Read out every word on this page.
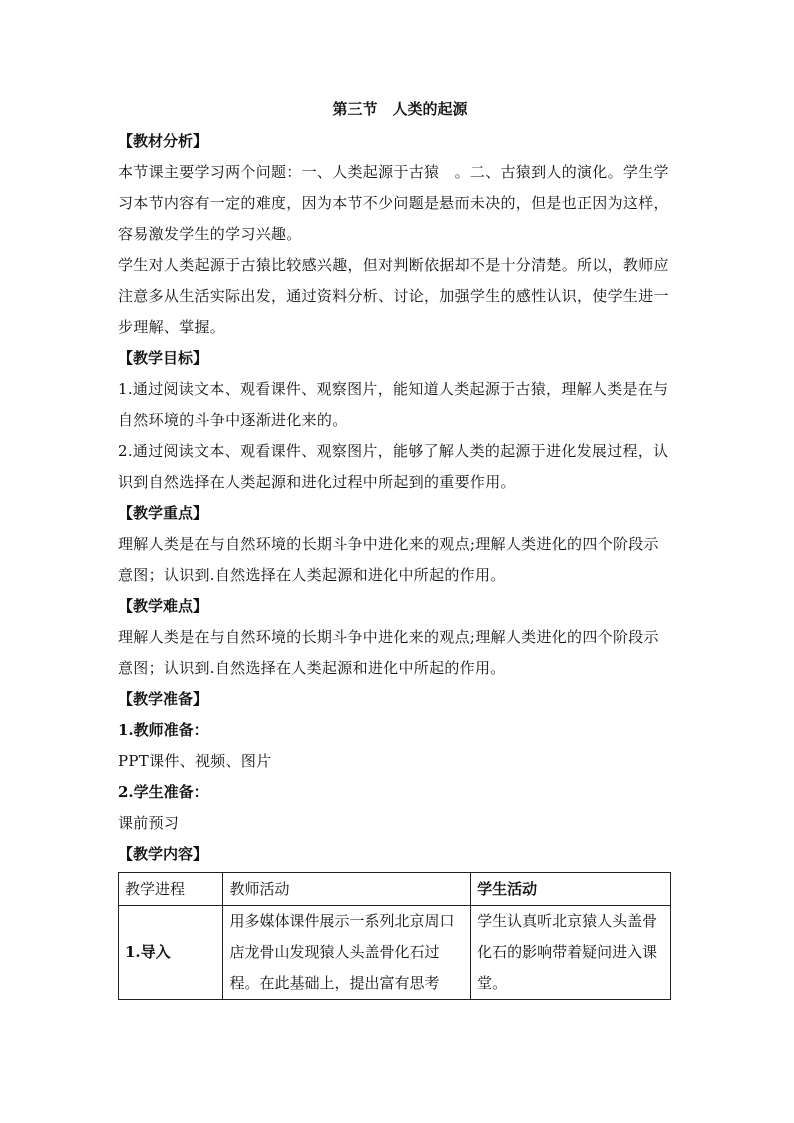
第三节　人类的起源
【教材分析】
本节课主要学习两个问题：一、人类起源于古猿　。二、古猿到人的演化。学生学习本节内容有一定的难度，因为本节不少问题是悬而未决的，但是也正因为这样，容易激发学生的学习兴趣。
学生对人类起源于古猿比较感兴趣，但对判断依据却不是十分清楚。所以，教师应注意多从生活实际出发，通过资料分析、讨论，加强学生的感性认识，使学生进一步理解、掌握。
【教学目标】
1.通过阅读文本、观看课件、观察图片，能知道人类起源于古猿，理解人类是在与自然环境的斗争中逐渐进化来的。
2.通过阅读文本、观看课件、观察图片，能够了解人类的起源于进化发展过程，认识到自然选择在人类起源和进化过程中所起到的重要作用。
【教学重点】
理解人类是在与自然环境的长期斗争中进化来的观点;理解人类进化的四个阶段示意图；认识到.自然选择在人类起源和进化中所起的作用。
【教学难点】
理解人类是在与自然环境的长期斗争中进化来的观点;理解人类进化的四个阶段示意图；认识到.自然选择在人类起源和进化中所起的作用。
【教学准备】
1.教师准备：
PPT课件、视频、图片
2.学生准备：
课前预习
【教学内容】
教学进程	教师活动	学生活动
1.导入	用多媒体课件展示一系列北京周口店龙骨山发现猿人头盖骨化石过程。在此基础上，提出富有思考	学生认真听北京猿人头盖骨化石的影响带着疑问进入课堂。
